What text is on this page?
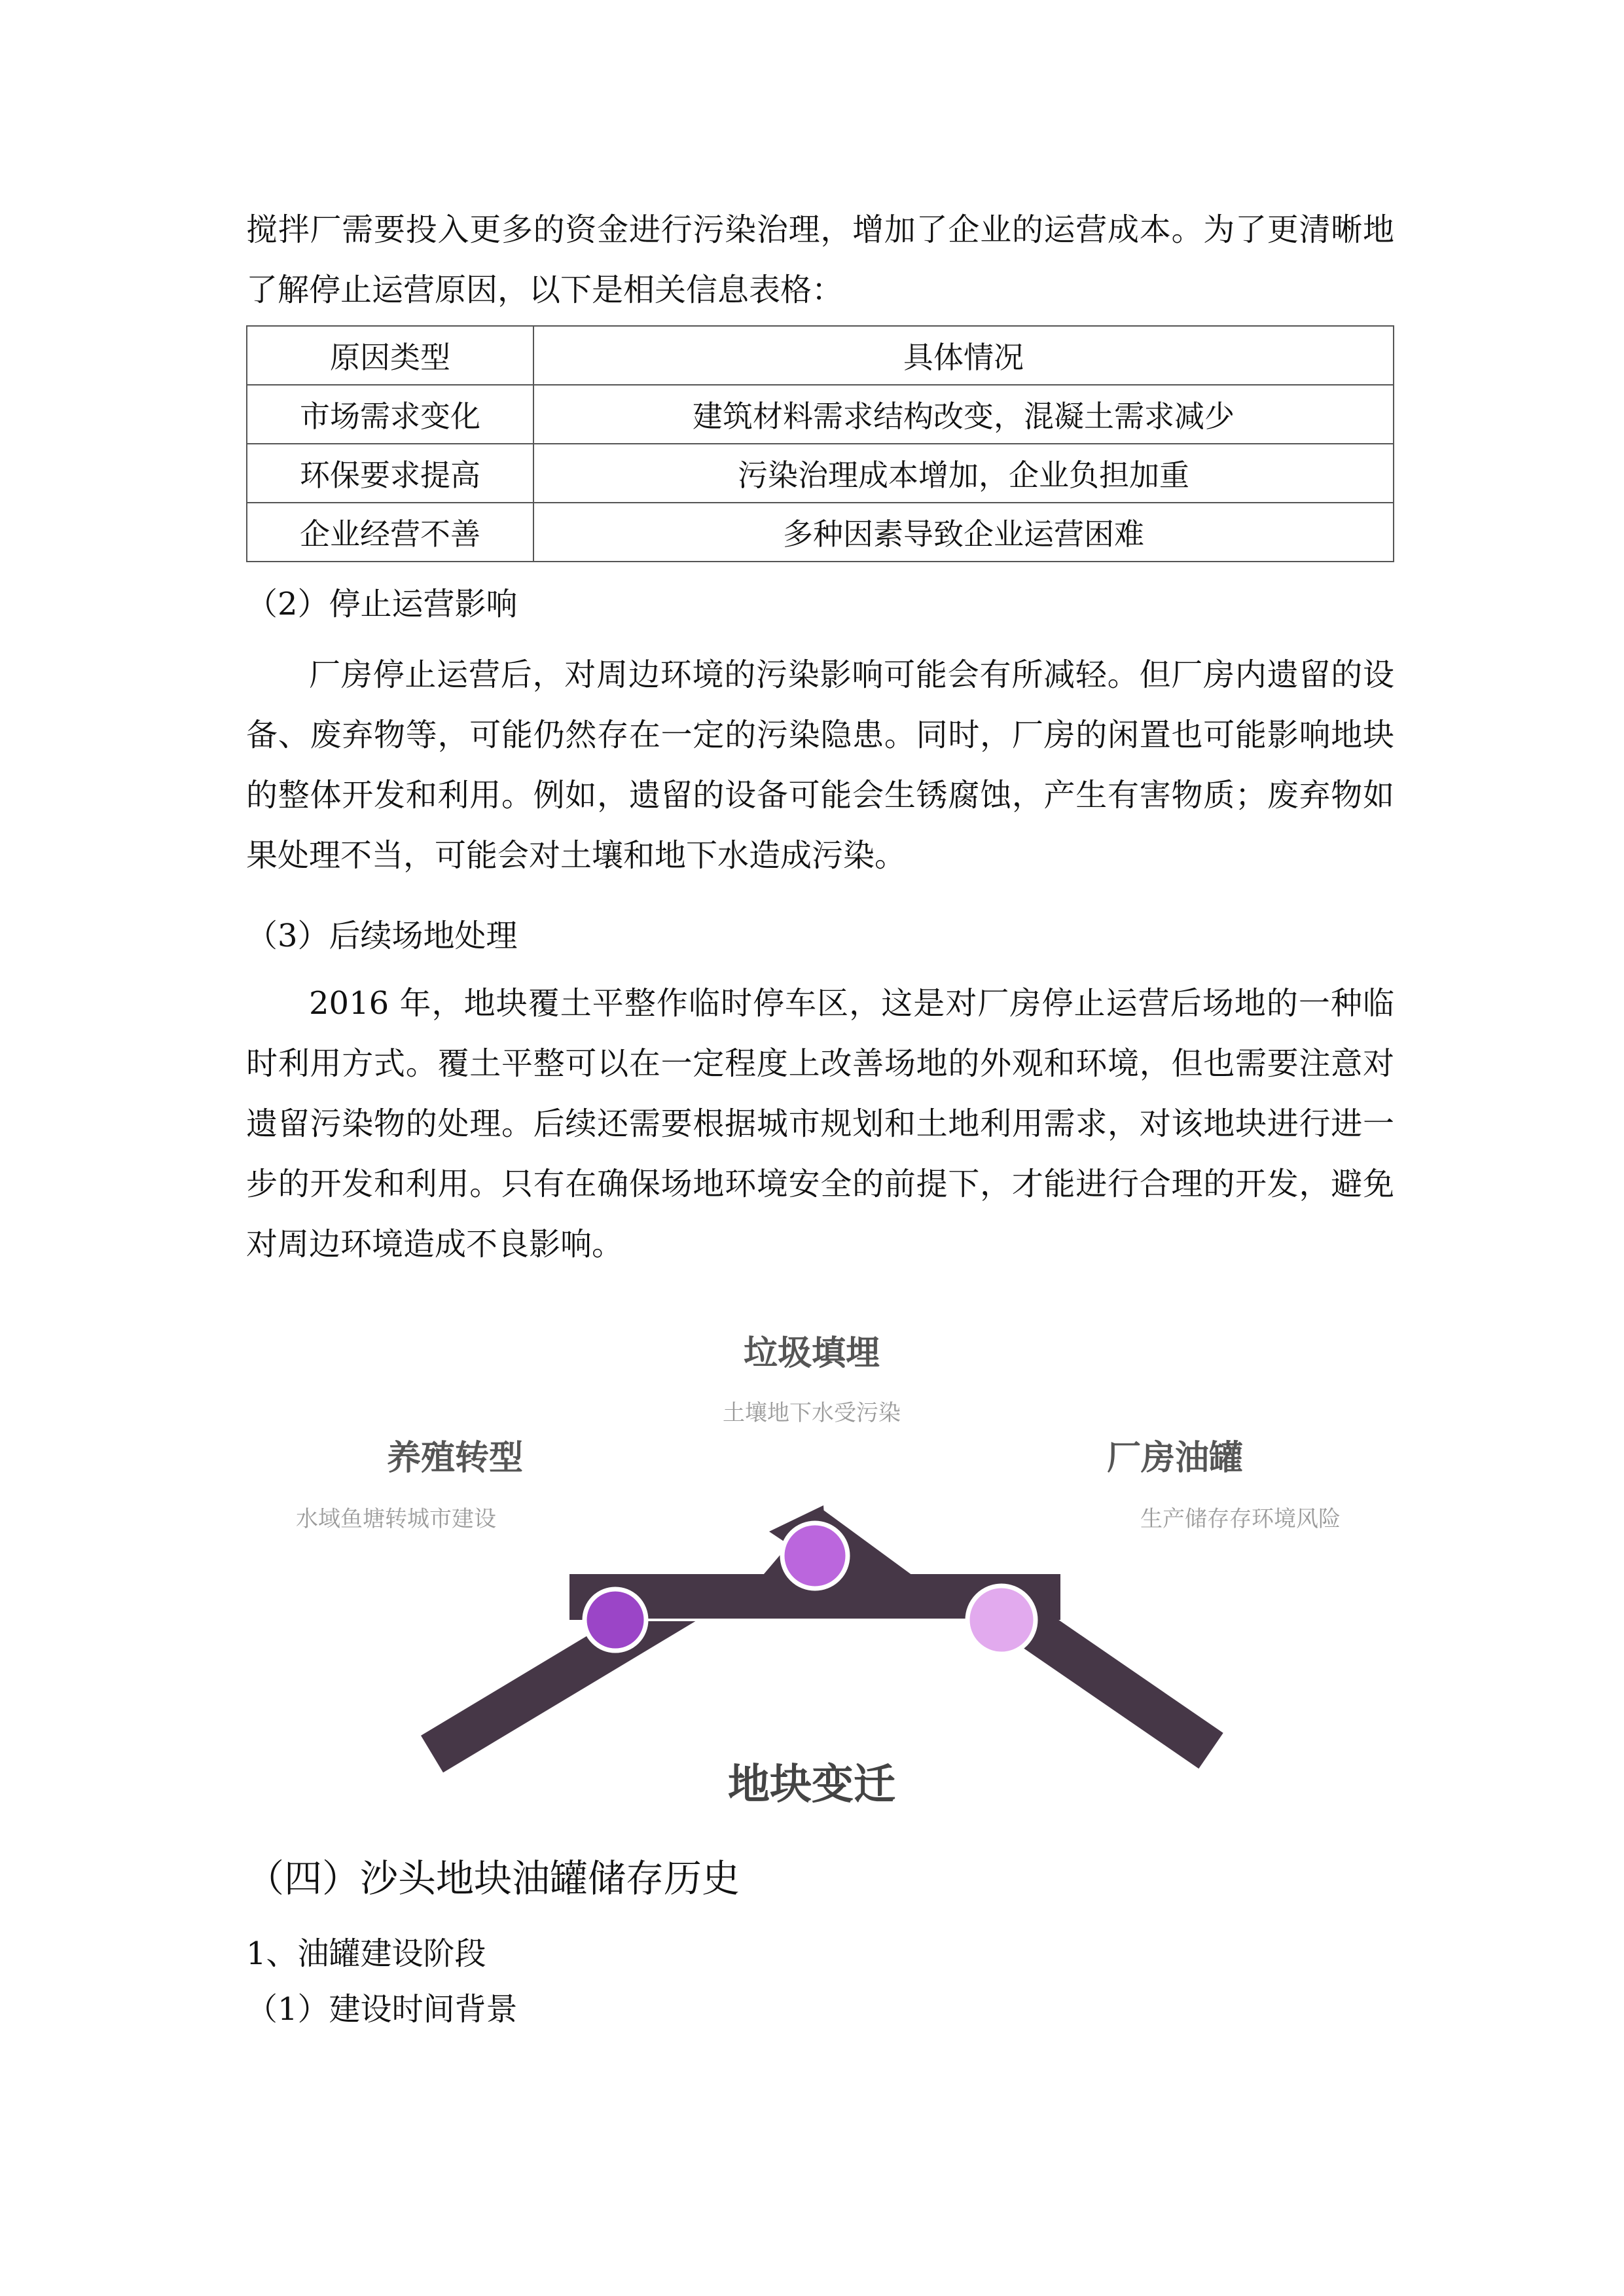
搅拌厂需要投入更多的资金进行污染治理，增加了企业的运营成本。为了更清晰地了解停止运营原因，以下是相关信息表格：

原因类型	具体情况
市场需求变化	建筑材料需求结构改变，混凝土需求减少
环保要求提高	污染治理成本增加，企业负担加重
企业经营不善	多种因素导致企业运营困难

（2）停止运营影响

厂房停止运营后，对周边环境的污染影响可能会有所减轻。但厂房内遗留的设备、废弃物等，可能仍然存在一定的污染隐患。同时，厂房的闲置也可能影响地块的整体开发和利用。例如，遗留的设备可能会生锈腐蚀，产生有害物质；废弃物如果处理不当，可能会对土壤和地下水造成污染。

（3）后续场地处理

2016 年，地块覆土平整作临时停车区，这是对厂房停止运营后场地的一种临时利用方式。覆土平整可以在一定程度上改善场地的外观和环境，但也需要注意对遗留污染物的处理。后续还需要根据城市规划和土地利用需求，对该地块进行进一步的开发和利用。只有在确保场地环境安全的前提下，才能进行合理的开发，避免对周边环境造成不良影响。

垃圾填埋
土壤地下水受污染
养殖转型
水域鱼塘转城市建设
厂房油罐
生产储存存环境风险
地块变迁
（四）沙头地块油罐储存历史

1、油罐建设阶段

（1）建设时间背景
